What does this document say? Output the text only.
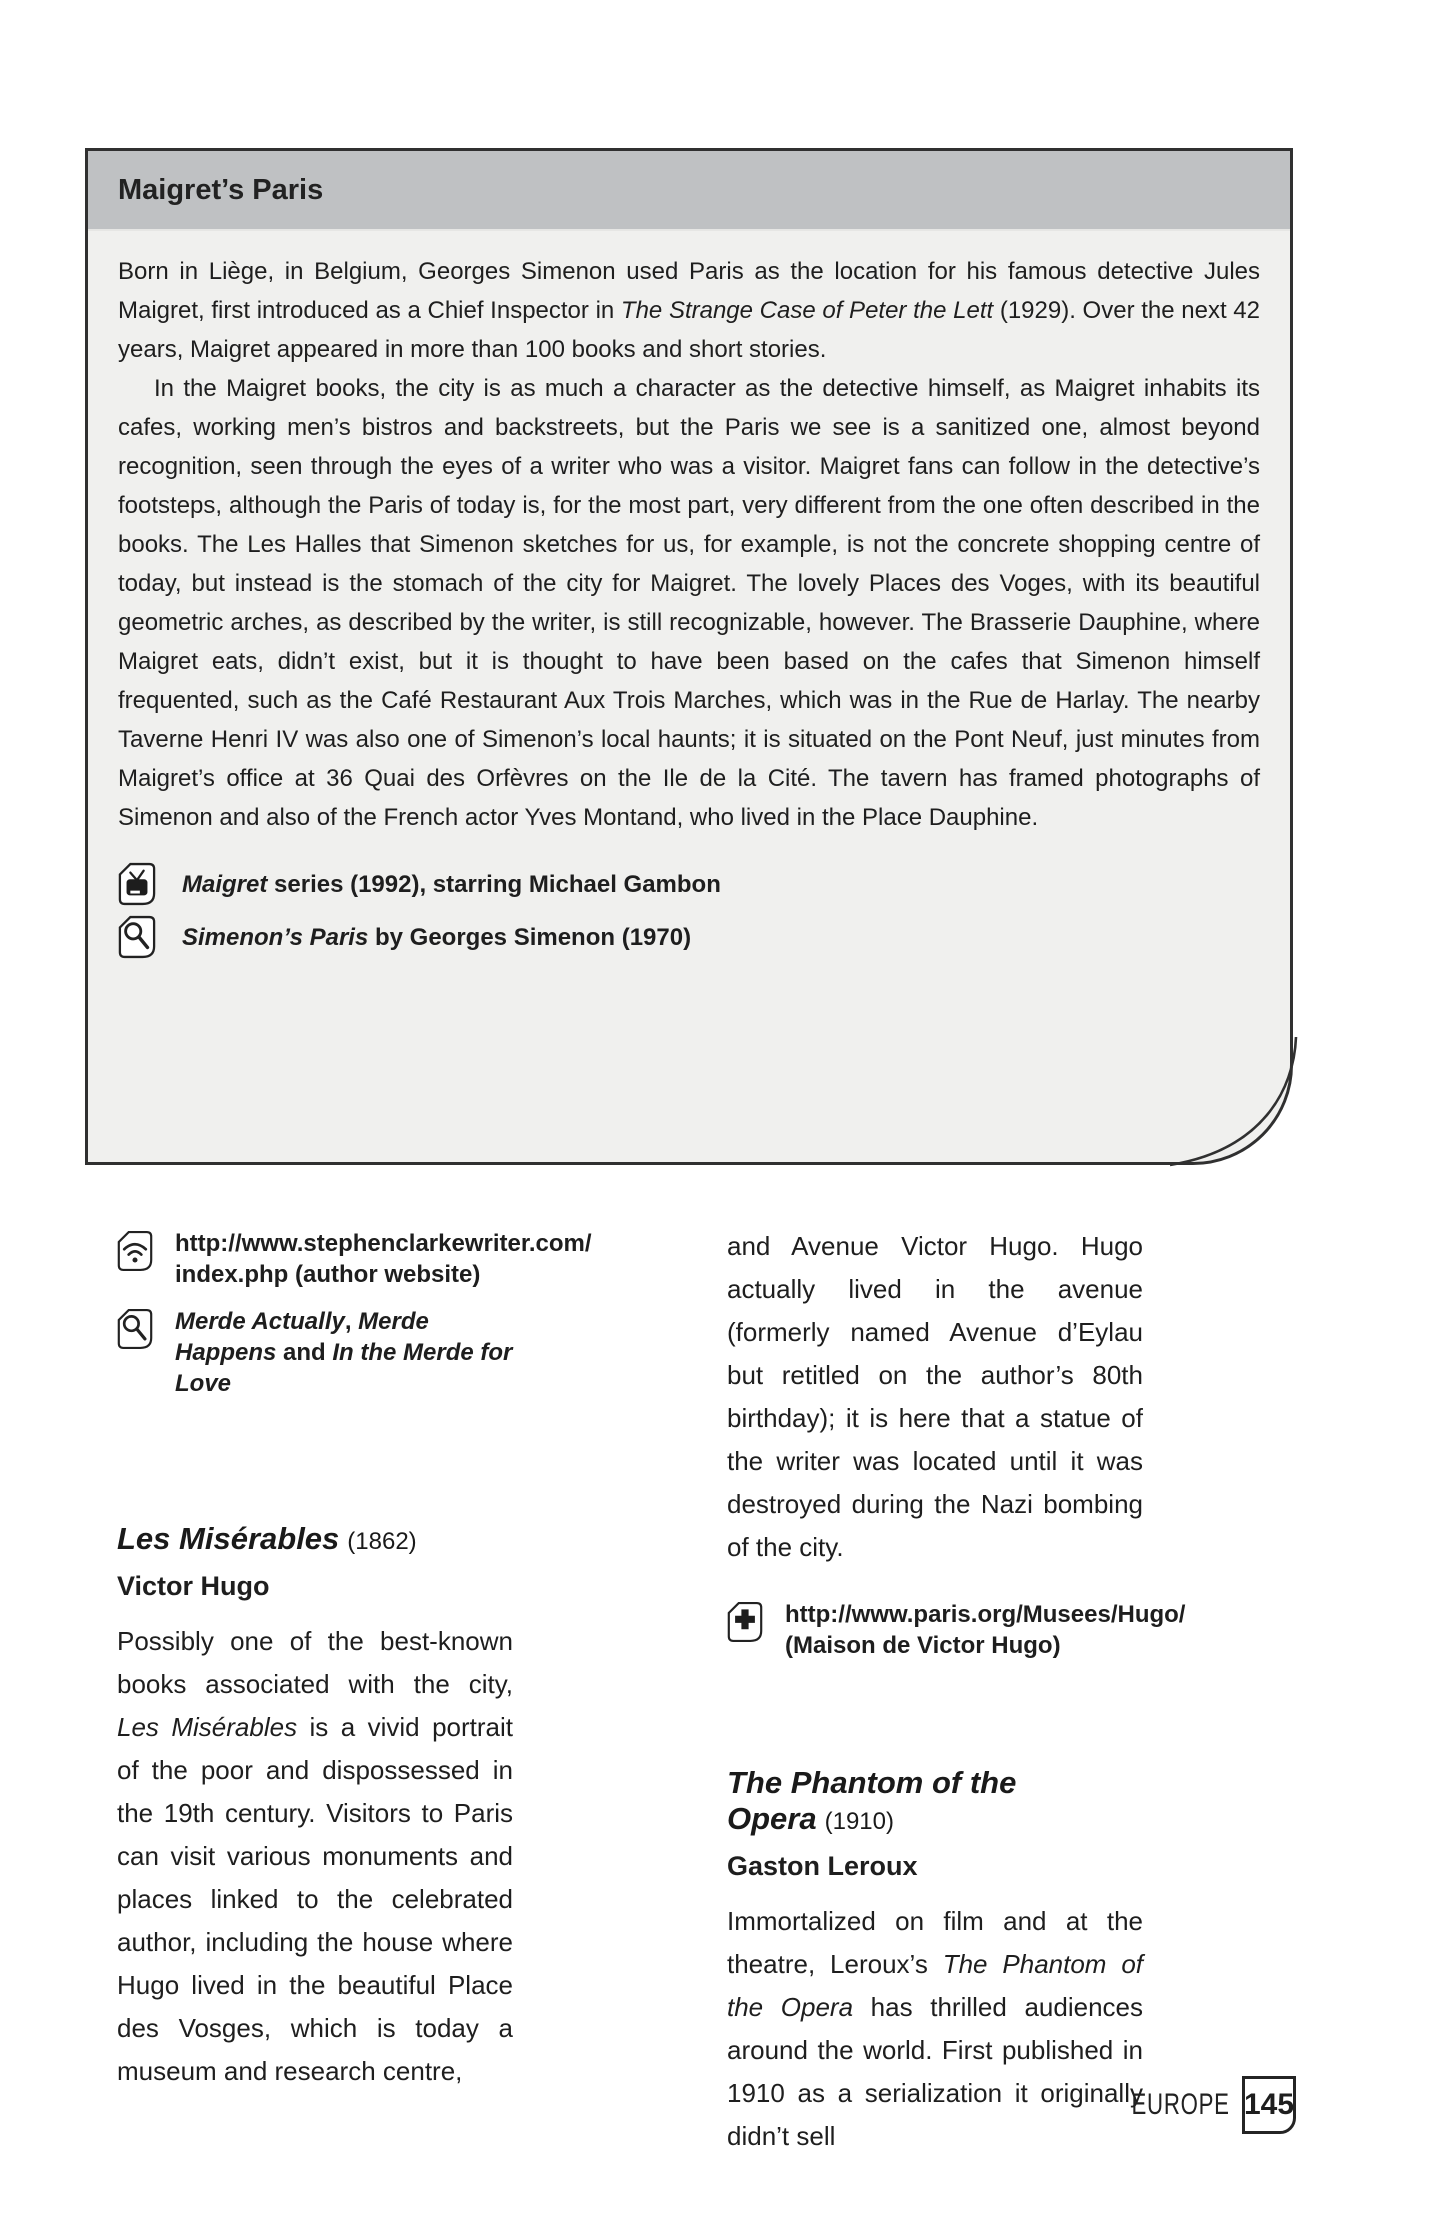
Maigret’s Paris

Born in Liège, in Belgium, Georges Simenon used Paris as the location for his famous detective Jules Maigret, first introduced as a Chief Inspector in The Strange Case of Peter the Lett (1929). Over the next 42 years, Maigret appeared in more than 100 books and short stories.

In the Maigret books, the city is as much a character as the detective himself, as Maigret inhabits its cafes, working men’s bistros and backstreets, but the Paris we see is a sanitized one, almost beyond recognition, seen through the eyes of a writer who was a visitor. Maigret fans can follow in the detective’s footsteps, although the Paris of today is, for the most part, very different from the one often described in the books. The Les Halles that Simenon sketches for us, for example, is not the concrete shopping centre of today, but instead is the stomach of the city for Maigret. The lovely Places des Voges, with its beautiful geometric arches, as described by the writer, is still recognizable, however. The Brasserie Dauphine, where Maigret eats, didn’t exist, but it is thought to have been based on the cafes that Simenon himself frequented, such as the Café Restaurant Aux Trois Marches, which was in the Rue de Harlay. The nearby Taverne Henri IV was also one of Simenon’s local haunts; it is situated on the Pont Neuf, just minutes from Maigret’s office at 36 Quai des Orfèvres on the Ile de la Cité. The tavern has framed photographs of Simenon and also of the French actor Yves Montand, who lived in the Place Dauphine.

Maigret series (1992), starring Michael Gambon

Simenon’s Paris by Georges Simenon (1970)

http://www.stephenclarkewriter.com/
index.php (author website)

Merde Actually, Merde Happens and In the Merde for Love

Les Misérables (1862)

Victor Hugo

Possibly one of the best-known books associated with the city, Les Misérables is a vivid portrait of the poor and dispossessed in the 19th century. Visitors to Paris can visit various monuments and places linked to the celebrated author, including the house where Hugo lived in the beautiful Place des Vosges, which is today a museum and research centre,

and Avenue Victor Hugo. Hugo actually lived in the avenue (formerly named Avenue d’Eylau but retitled on the author’s 80th birthday); it is here that a statue of the writer was located until it was destroyed during the Nazi bombing of the city.

http://www.paris.org/Musees/Hugo/
(Maison de Victor Hugo)

The Phantom of the Opera (1910)

Gaston Leroux

Immortalized on film and at the theatre, Leroux’s The Phantom of the Opera has thrilled audiences around the world. First published in 1910 as a serialization it originally didn’t sell

EUROPE 145
